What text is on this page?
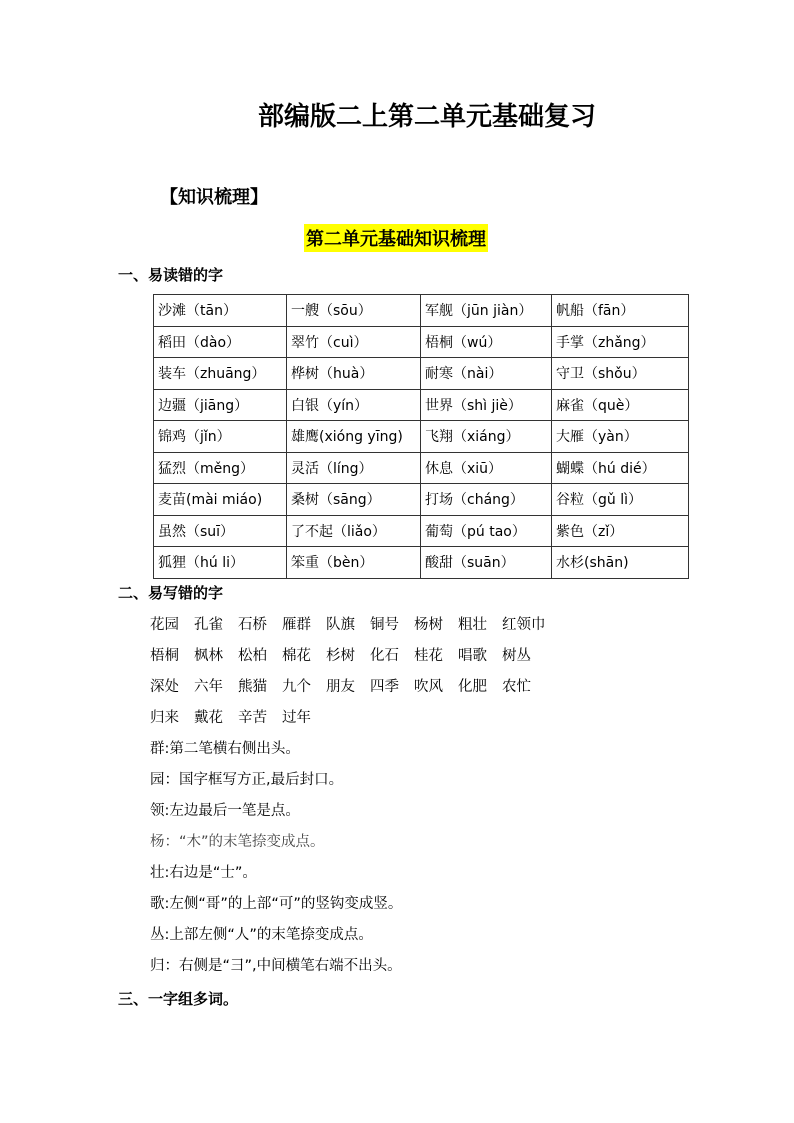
部编版二上第二单元基础复习
【知识梳理】
第二单元基础知识梳理
一、易读错的字
沙滩（tān）	一艘（sōu）	军舰（jūn jiàn）	帆船（fān）
稻田（dào）	翠竹（cuì）	梧桐（wú）	手掌（zhǎng）
装车（zhuāng）	桦树（huà）	耐寒（nài）	守卫（shǒu）
边疆（jiāng）	白银（yín）	世界（shì jiè）	麻雀（què）
锦鸡（jǐn）	雄鹰(xióng yīng)	飞翔（xiáng）	大雁（yàn）
猛烈（měng）	灵活（líng）	休息（xiū）	蝴蝶（hú dié）
麦苗(mài miáo)	桑树（sāng）	打场（cháng）	谷粒（gǔ lì）
虽然（suī）	了不起（liǎo）	葡萄（pú tao）	紫色（zǐ）
狐狸（hú li）	笨重（bèn）	酸甜（suān）	水杉(shān)
二、易写错的字
花园 孔雀 石桥 雁群 队旗 铜号 杨树 粗壮 红领巾
梧桐 枫林 松柏 棉花 杉树 化石 桂花 唱歌 树丛
深处 六年 熊猫 九个 朋友 四季 吹风 化肥 农忙
归来 戴花 辛苦 过年
群:第二笔横右侧出头。
园：国字框写方正,最后封口。
领:左边最后一笔是点。
杨：“木”的末笔捺变成点。
壮:右边是“士”。
歌:左侧“哥”的上部“可”的竖钩变成竖。
丛:上部左侧“人”的末笔捺变成点。
归：右侧是“彐”,中间横笔右端不出头。
三、一字组多词。
